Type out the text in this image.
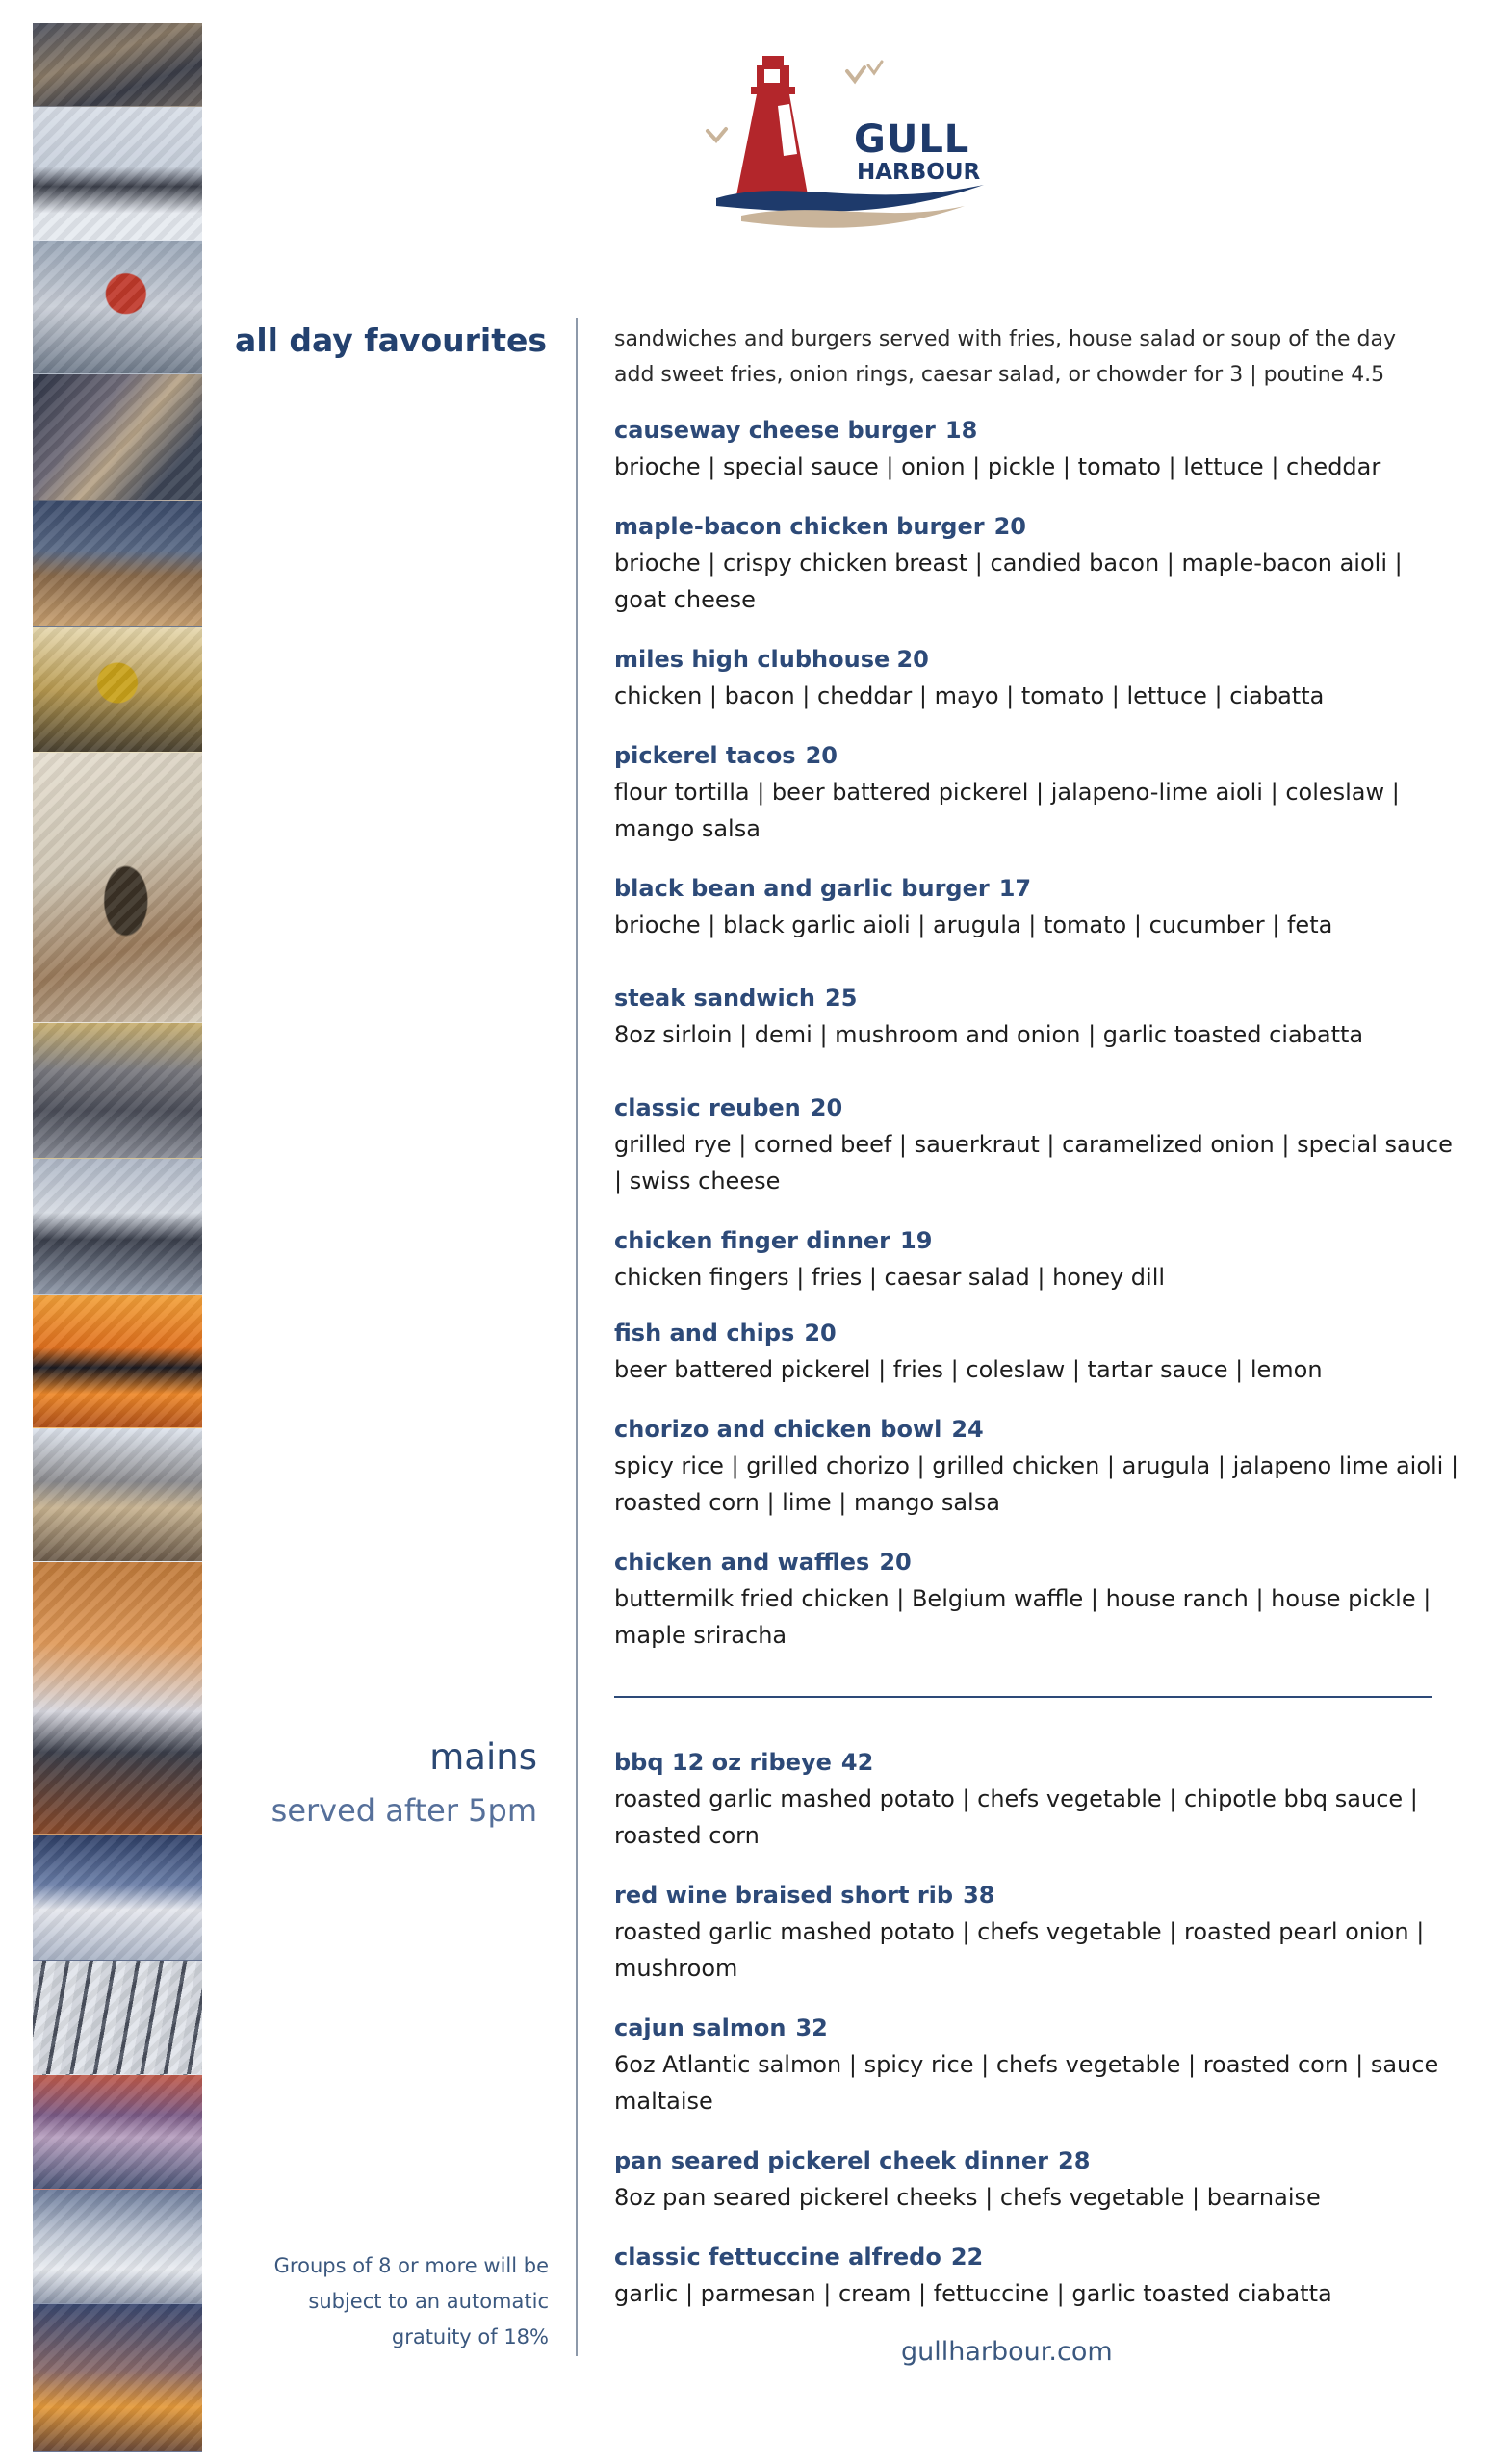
GULL
HARBOUR
all day favourites
mains
served after 5pm
Groups of 8 or more will be subject to an automatic gratuity of 18%
sandwiches and burgers served with fries, house salad or soup of the day
add sweet fries, onion rings, caesar salad, or chowder for 3 | poutine 4.5
causeway cheese burger 18
brioche | special sauce | onion | pickle | tomato | lettuce | cheddar
maple-bacon chicken burger 20
brioche | crispy chicken breast | candied bacon | maple-bacon aioli | goat cheese
miles high clubhouse 20
chicken | bacon | cheddar | mayo | tomato | lettuce | ciabatta
pickerel tacos 20
flour tortilla | beer battered pickerel | jalapeno-lime aioli | coleslaw | mango salsa
black bean and garlic burger 17
brioche | black garlic aioli | arugula | tomato | cucumber | feta
steak sandwich 25
8oz sirloin | demi | mushroom and onion | garlic toasted ciabatta
classic reuben 20
grilled rye | corned beef | sauerkraut | caramelized onion | special sauce | swiss cheese
chicken finger dinner 19
chicken fingers | fries | caesar salad | honey dill
fish and chips 20
beer battered pickerel | fries | coleslaw | tartar sauce | lemon
chorizo and chicken bowl 24
spicy rice | grilled chorizo | grilled chicken | arugula | jalapeno lime aioli | roasted corn | lime | mango salsa
chicken and waffles 20
buttermilk fried chicken | Belgium waffle | house ranch | house pickle | maple sriracha
bbq 12 oz ribeye 42
roasted garlic mashed potato | chefs vegetable | chipotle bbq sauce | roasted corn
red wine braised short rib 38
roasted garlic mashed potato | chefs vegetable | roasted pearl onion | mushroom
cajun salmon 32
6oz Atlantic salmon | spicy rice | chefs vegetable | roasted corn | sauce maltaise
pan seared pickerel cheek dinner 28
8oz pan seared pickerel cheeks | chefs vegetable | bearnaise
classic fettuccine alfredo 22
garlic | parmesan | cream | fettuccine | garlic toasted ciabatta
gullharbour.com
